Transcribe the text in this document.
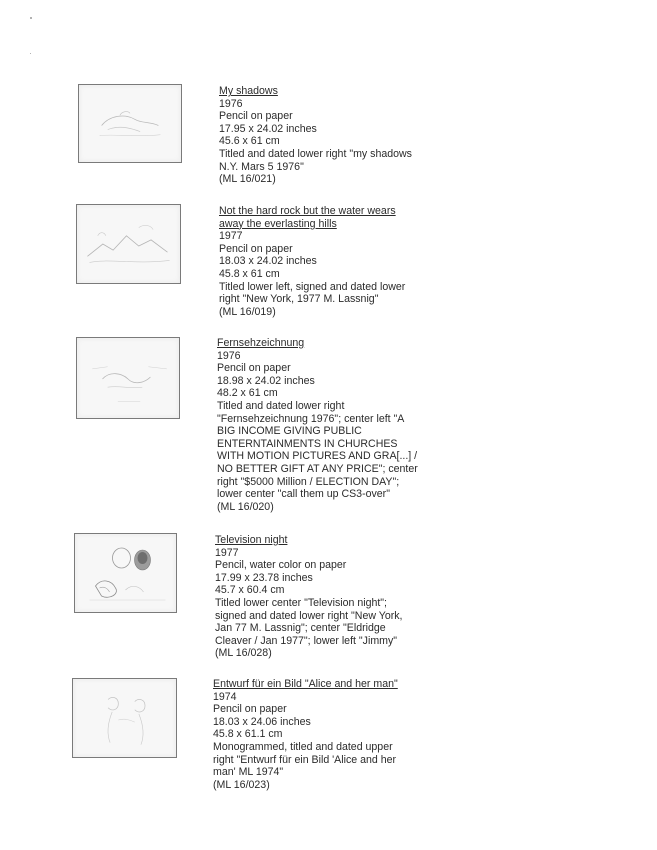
My shadows
1976
Pencil on paper
17.95 x 24.02 inches
45.6 x 61 cm
Titled and dated lower right "my shadows
N.Y. Mars 5 1976"
(ML 16/021)
Not the hard rock but the water wears
away the everlasting hills
1977
Pencil on paper
18.03 x 24.02 inches
45.8 x 61 cm
Titled lower left, signed and dated lower
right "New York, 1977 M. Lassnig"
(ML 16/019)
Fernsehzeichnung
1976
Pencil on paper
18.98 x 24.02 inches
48.2 x 61 cm
Titled and dated lower right
"Fernsehzeichnung 1976"; center left "A
BIG INCOME GIVING PUBLIC
ENTERNTAINMENTS IN CHURCHES
WITH MOTION PICTURES AND GRA[...] /
NO BETTER GIFT AT ANY PRICE"; center
right "$5000 Million / ELECTION DAY";
lower center "call them up CS3-over"
(ML 16/020)
Television night
1977
Pencil, water color on paper
17.99 x 23.78 inches
45.7 x 60.4 cm
Titled lower center "Television night";
signed and dated lower right "New York,
Jan 77 M. Lassnig"; center "Eldridge
Cleaver / Jan 1977"; lower left "Jimmy"
(ML 16/028)
Entwurf für ein Bild "Alice and her man"
1974
Pencil on paper
18.03 x 24.06 inches
45.8 x 61.1 cm
Monogrammed, titled and dated upper
right "Entwurf für ein Bild 'Alice and her
man' ML 1974"
(ML 16/023)
